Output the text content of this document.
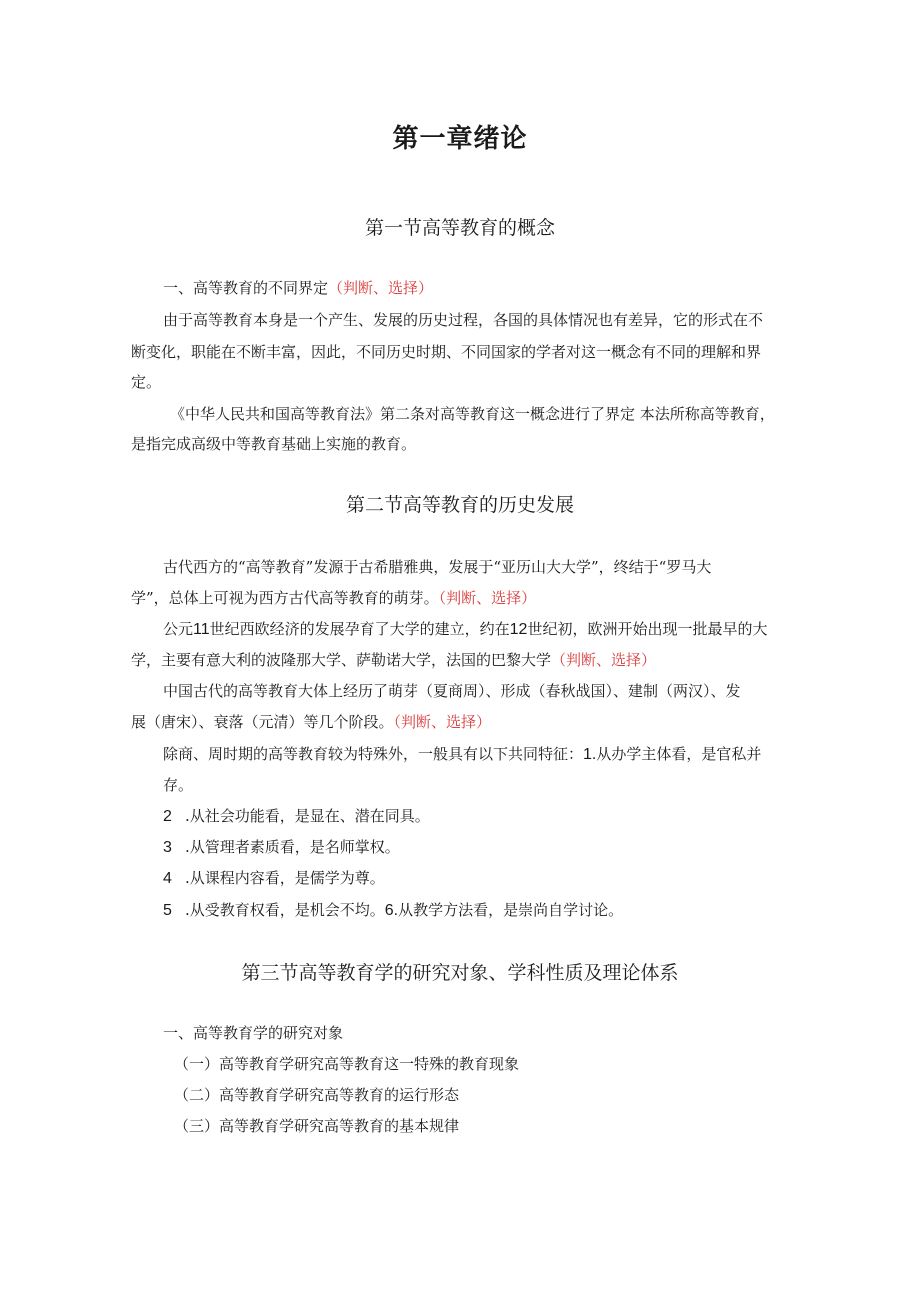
第一章绪论
第一节高等教育的概念
一、高等教育的不同界定（判断、选择）
由于高等教育本身是一个产生、发展的历史过程，各国的具体情况也有差异，它的形式在不
断变化，职能在不断丰富，因此，不同历史时期、不同国家的学者对这一概念有不同的理解和界
定。
《中华人民共和国高等教育法》第二条对高等教育这一概念进行了界定 本法所称高等教育，
是指完成高级中等教育基础上实施的教育。
第二节高等教育的历史发展
古代西方的“高等教育”发源于古希腊雅典，发展于“亚历山大大学”，终结于“罗马大
学”，总体上可视为西方古代高等教育的萌芽。（判断、选择）
公元11世纪西欧经济的发展孕育了大学的建立，约在12世纪初，欧洲开始出现一批最早的大
学，主要有意大利的波隆那大学、萨勒诺大学，法国的巴黎大学（判断、选择）
中国古代的高等教育大体上经历了萌芽（夏商周）、形成（春秋战国）、建制（两汉）、发
展（唐宋）、衰落（元清）等几个阶段。（判断、选择）
除商、周时期的高等教育较为特殊外，一般具有以下共同特征：1.从办学主体看，是官私并
存。
2 .从社会功能看，是显在、潜在同具。
3 .从管理者素质看，是名师掌权。
4 .从课程内容看，是儒学为尊。
5 .从受教育权看，是机会不均。6.从教学方法看，是崇尚自学讨论。
第三节高等教育学的研究对象、学科性质及理论体系
一、高等教育学的研究对象
（一）高等教育学研究高等教育这一特殊的教育现象
（二）高等教育学研究高等教育的运行形态
（三）高等教育学研究高等教育的基本规律
